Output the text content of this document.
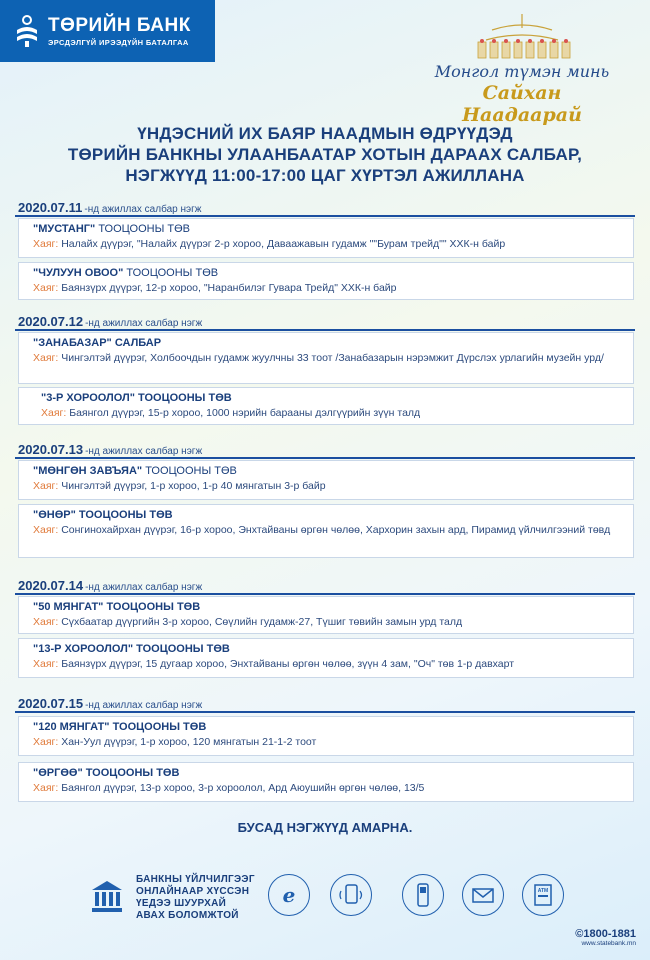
ТӨРИЙН БАНК
ЭРСДЭЛГҮЙ ИРЭЭДҮЙН БАТАЛГАА
Монгол түмэн минь
Сайхан Наадаарай
ҮНДЭСНИЙ ИХ БАЯР НААДМЫН ӨДРҮҮДЭД
ТӨРИЙН БАНКНЫ УЛААНБААТАР ХОТЫН ДАРААХ САЛБАР,
НЭГЖҮҮД 11:00-17:00 ЦАГ ХҮРТЭЛ АЖИЛЛАНА
2020.07.11 -нд ажиллах салбар нэгж
"МУСТАНГ" ТООЦООНЫ ТӨВ
Хаяг: Налайх дүүрэг, "Налайх дүүрэг 2-р хороо, Даваажавын гудамж ""Бурам трейд"" ХХК-н байр
"ЧУЛУУН ОВОО" ТООЦООНЫ ТӨВ
Хаяг: Баянзүрх дүүрэг, 12-р хороо, "Наранбилэг Гувара Трейд" ХХК-н байр
2020.07.12 -нд ажиллах салбар нэгж
"ЗАНАБАЗАР" САЛБАР
Хаяг: Чингэлтэй дүүрэг, Холбоочдын гудамж жуулчны 33 тоот /Занабазарын нэрэмжит Дүрслэх урлагийн музейн урд/
"3-Р ХОРООЛОЛ" ТООЦООНЫ ТӨВ
Хаяг: Баянгол дүүрэг, 15-р хороо, 1000 нэрийн барааны дэлгүүрийн зүүн талд
2020.07.13 -нд ажиллах салбар нэгж
"МӨНГӨН ЗАВЪЯА" ТООЦООНЫ ТӨВ
Хаяг: Чингэлтэй дүүрэг, 1-р хороо, 1-р 40 мянгатын 3-р байр
"ӨНӨР" ТООЦООНЫ ТӨВ
Хаяг: Сонгинохайрхан дүүрэг, 16-р хороо, Энхтайваны өргөн чөлөө, Хархорин захын ард, Пирамид үйлчилгээний төвд
2020.07.14 -нд ажиллах салбар нэгж
"50 МЯНГАТ" ТООЦООНЫ ТӨВ
Хаяг: Сүхбаатар дүүргийн 3-р хороо, Сөүлийн гудамж-27, Түшиг төвийн замын урд талд
"13-Р ХОРООЛОЛ" ТООЦООНЫ ТӨВ
Хаяг: Баянзүрх дүүрэг, 15 дугаар хороо, Энхтайваны өргөн чөлөө, зүүн 4 зам, "Оч" төв 1-р давхарт
2020.07.15 -нд ажиллах салбар нэгж
"120 МЯНГАТ" ТООЦООНЫ ТӨВ
Хаяг: Хан-Уул дүүрэг, 1-р хороо, 120 мянгатын 21-1-2 тоот
"ӨРГӨӨ" ТООЦООНЫ ТӨВ
Хаяг: Баянгол дүүрэг, 13-р хороо, 3-р хороолол, Ард Аюушийн өргөн чөлөө, 13/5
БУСАД НЭГЖҮҮД АМАРНА.
БАНКНЫ ҮЙЛЧИЛГЭЭГ
ОНЛАЙНААР ХҮССЭН
ҮЕДЭЭ ШУУРХАЙ
АВАХ БОЛОМЖТОЙ
e	ATM
©1800-1881
www.statebank.mn
